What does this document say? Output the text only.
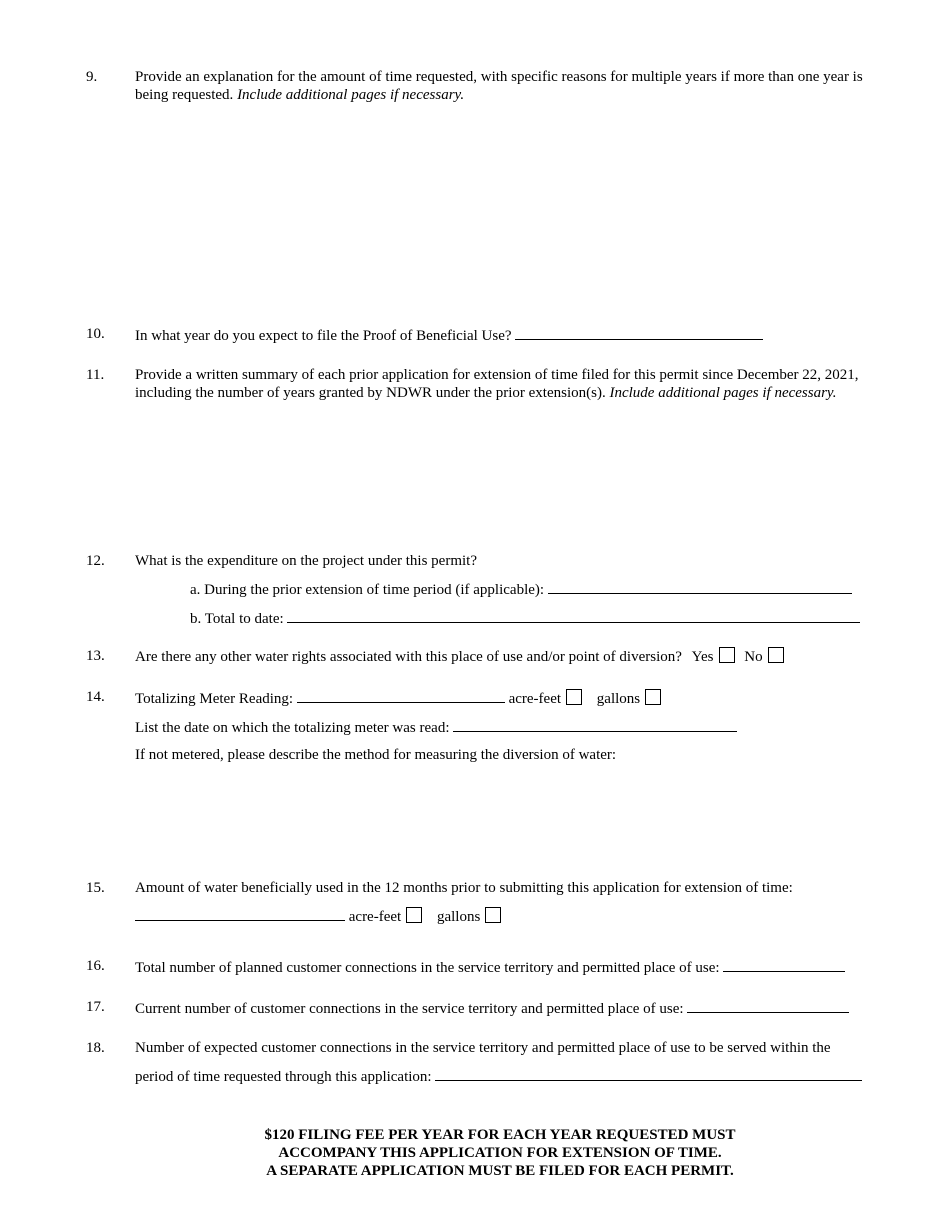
9.	Provide an explanation for the amount of time requested, with specific reasons for multiple years if more than one year is being requested. Include additional pages if necessary.
10.	In what year do you expect to file the Proof of Beneficial Use?
11.	Provide a written summary of each prior application for extension of time filed for this permit since December 22, 2021, including the number of years granted by NDWR under the prior extension(s). Include additional pages if necessary.
12.	What is the expenditure on the project under this permit?
a. During the prior extension of time period (if applicable):
b. Total to date:
13.	Are there any other water rights associated with this place of use and/or point of diversion? Yes No
14.	Totalizing Meter Reading:	acre-feet gallons
List the date on which the totalizing meter was read:
If not metered, please describe the method for measuring the diversion of water:
15.	Amount of water beneficially used in the 12 months prior to submitting this application for extension of time:
acre-feet gallons
16.	Total number of planned customer connections in the service territory and permitted place of use:
17.	Current number of customer connections in the service territory and permitted place of use:
18.	Number of expected customer connections in the service territory and permitted place of use to be served within the
period of time requested through this application:
$120 FILING FEE PER YEAR FOR EACH YEAR REQUESTED MUST
ACCOMPANY THIS APPLICATION FOR EXTENSION OF TIME.
A SEPARATE APPLICATION MUST BE FILED FOR EACH PERMIT.
